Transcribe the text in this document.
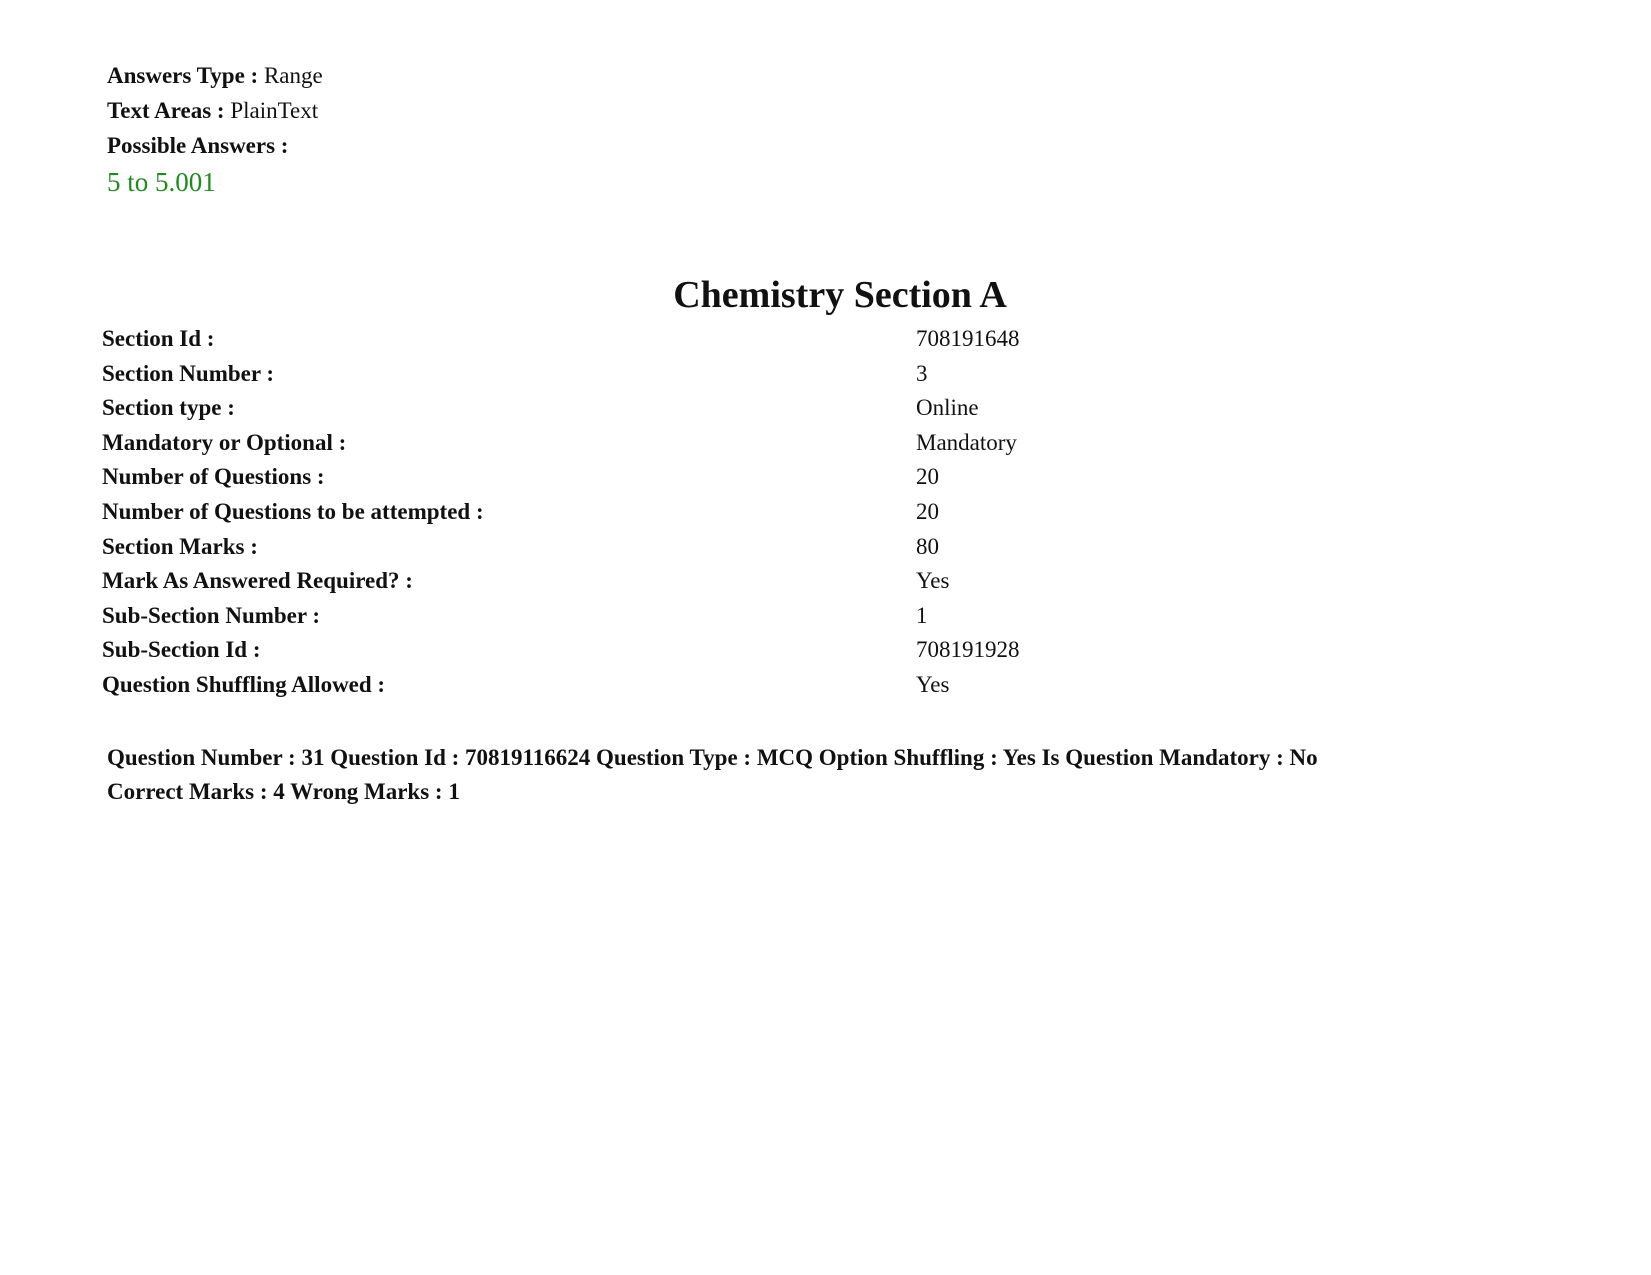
Answers Type : Range
Text Areas : PlainText
Possible Answers :
5 to 5.001
Chemistry Section A
Section Id :	708191648
Section Number :	3
Section type :	Online
Mandatory or Optional :	Mandatory
Number of Questions :	20
Number of Questions to be attempted :	20
Section Marks :	80
Mark As Answered Required? :	Yes
Sub-Section Number :	1
Sub-Section Id :	708191928
Question Shuffling Allowed :	Yes
Question Number : 31 Question Id : 70819116624 Question Type : MCQ Option Shuffling : Yes Is Question Mandatory : No
Correct Marks : 4 Wrong Marks : 1
